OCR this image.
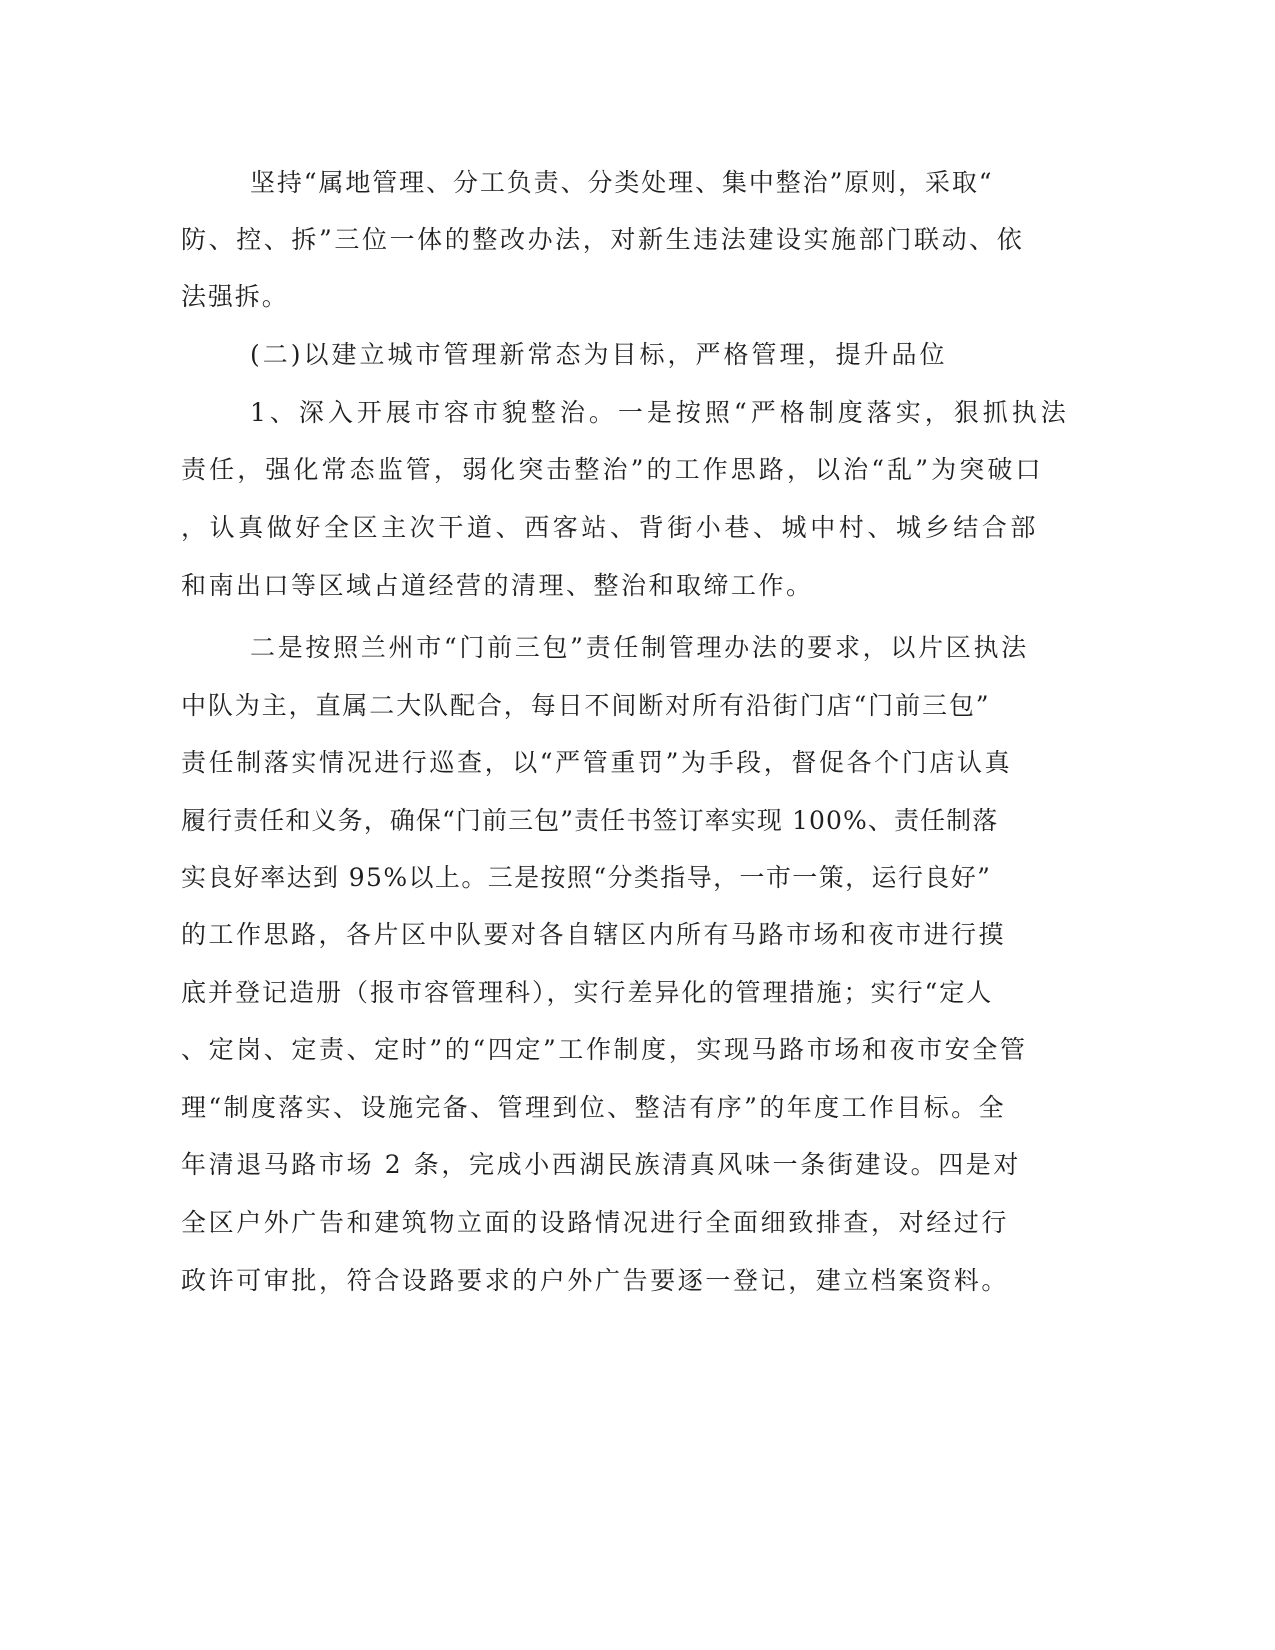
坚持“属地管理、分工负责、分类处理、集中整治”原则，采取“
防、控、拆”三位一体的整改办法，对新生违法建设实施部门联动、依
法强拆。
(二)以建立城市管理新常态为目标，严格管理，提升品位
1、深入开展市容市貌整治。一是按照“严格制度落实，狠抓执法
责任，强化常态监管，弱化突击整治”的工作思路，以治“乱”为突破口
，认真做好全区主次干道、西客站、背街小巷、城中村、城乡结合部
和南出口等区域占道经营的清理、整治和取缔工作。
二是按照兰州市“门前三包”责任制管理办法的要求，以片区执法
中队为主，直属二大队配合，每日不间断对所有沿街门店“门前三包”
责任制落实情况进行巡查，以“严管重罚”为手段，督促各个门店认真
履行责任和义务，确保“门前三包”责任书签订率实现 100%、责任制落
实良好率达到 95%以上。三是按照“分类指导，一市一策，运行良好”
的工作思路，各片区中队要对各自辖区内所有马路市场和夜市进行摸
底并登记造册（报市容管理科），实行差异化的管理措施；实行“定人
、定岗、定责、定时”的“四定”工作制度，实现马路市场和夜市安全管
理“制度落实、设施完备、管理到位、整洁有序”的年度工作目标。全
年清退马路市场 2 条，完成小西湖民族清真风味一条街建设。四是对
全区户外广告和建筑物立面的设路情况进行全面细致排查，对经过行
政许可审批，符合设路要求的户外广告要逐一登记，建立档案资料。
